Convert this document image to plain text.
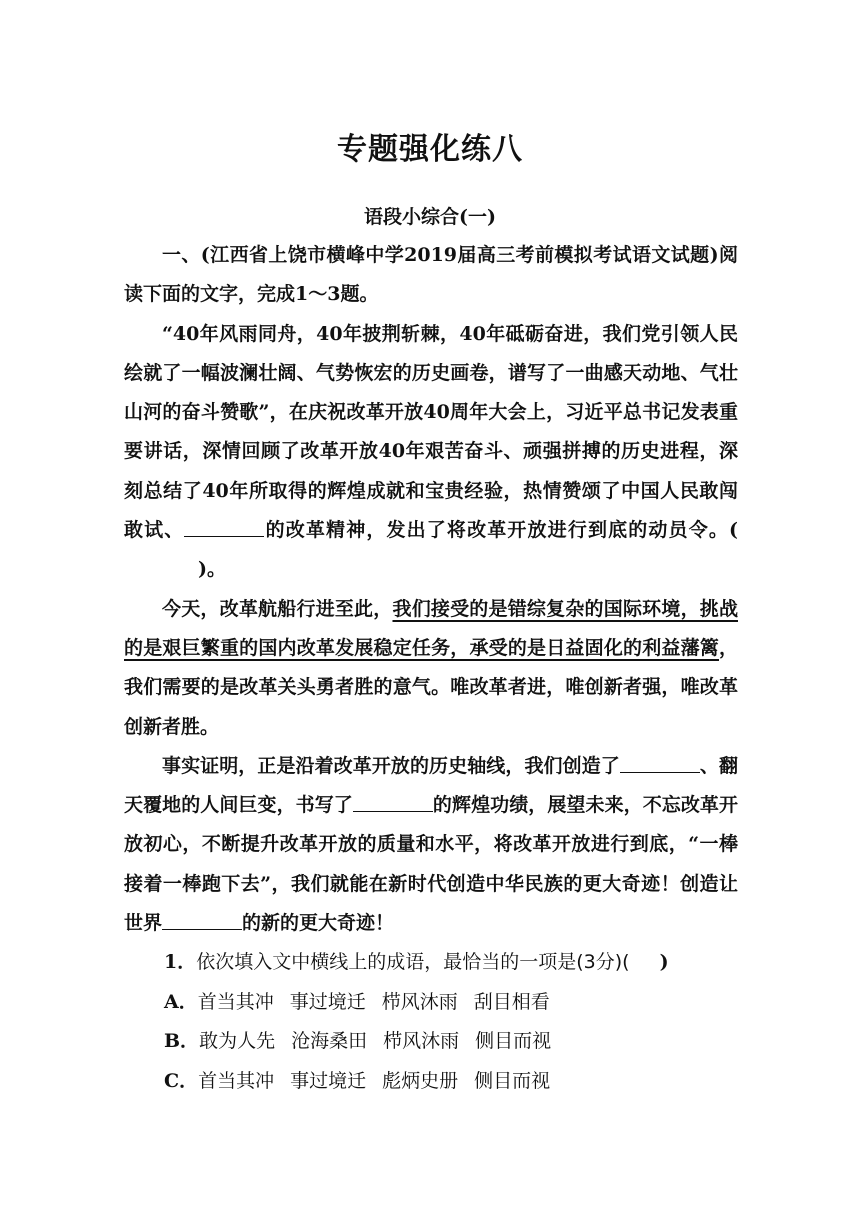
专题强化练八
语段小综合(一)

一、(江西省上饶市横峰中学2019届高三考前模拟考试语文试题)阅读下面的文字，完成1～3题。

“40年风雨同舟，40年披荆斩棘，40年砥砺奋进，我们党引领人民绘就了一幅波澜壮阔、气势恢宏的历史画卷，谱写了一曲感天动地、气壮山河的奋斗赞歌”，在庆祝改革开放40周年大会上，习近平总书记发表重要讲话，深情回顾了改革开放40年艰苦奋斗、顽强拼搏的历史进程，深刻总结了40年所取得的辉煌成就和宝贵经验，热情赞颂了中国人民敢闯敢试、	的改革精神，发出了将改革开放进行到底的动员令。()。

今天，改革航船行进至此，我们接受的是错综复杂的国际环境，挑战的是艰巨繁重的国内改革发展稳定任务，承受的是日益固化的利益藩篱，我们需要的是改革关头勇者胜的意气。唯改革者进，唯创新者强，唯改革创新者胜。

事实证明，正是沿着改革开放的历史轴线，我们创造了	、翻天覆地的人间巨变，书写了	的辉煌功绩，展望未来，不忘改革开放初心，不断提升改革开放的质量和水平，将改革开放进行到底，“一棒接着一棒跑下去”，我们就能在新时代创造中华民族的更大奇迹！创造让世界	的新的更大奇迹！

1．依次填入文中横线上的成语，最恰当的一项是(3分)( )

A．首当其冲 事过境迁 栉风沐雨 刮目相看

B．敢为人先 沧海桑田 栉风沐雨 侧目而视

C．首当其冲 事过境迁 彪炳史册 侧目而视
